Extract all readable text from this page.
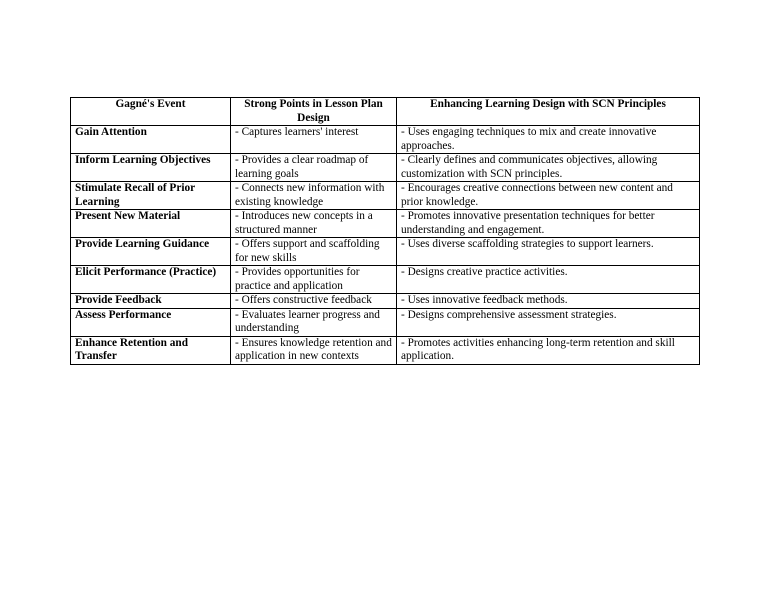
Gagné's Event	Strong Points in Lesson Plan Design	Enhancing Learning Design with SCN Principles
Gain Attention	- Captures learners' interest	- Uses engaging techniques to mix and create innovative approaches.
Inform Learning Objectives	- Provides a clear roadmap of learning goals	- Clearly defines and communicates objectives, allowing customization with SCN principles.
Stimulate Recall of Prior Learning	- Connects new information with existing knowledge	- Encourages creative connections between new content and prior knowledge.
Present New Material	- Introduces new concepts in a structured manner	- Promotes innovative presentation techniques for better understanding and engagement.
Provide Learning Guidance	- Offers support and scaffolding for new skills	- Uses diverse scaffolding strategies to support learners.
Elicit Performance (Practice)	- Provides opportunities for practice and application	- Designs creative practice activities.
Provide Feedback	- Offers constructive feedback	- Uses innovative feedback methods.
Assess Performance	- Evaluates learner progress and understanding	- Designs comprehensive assessment strategies.
Enhance Retention and Transfer	- Ensures knowledge retention and application in new contexts	- Promotes activities enhancing long-term retention and skill application.
